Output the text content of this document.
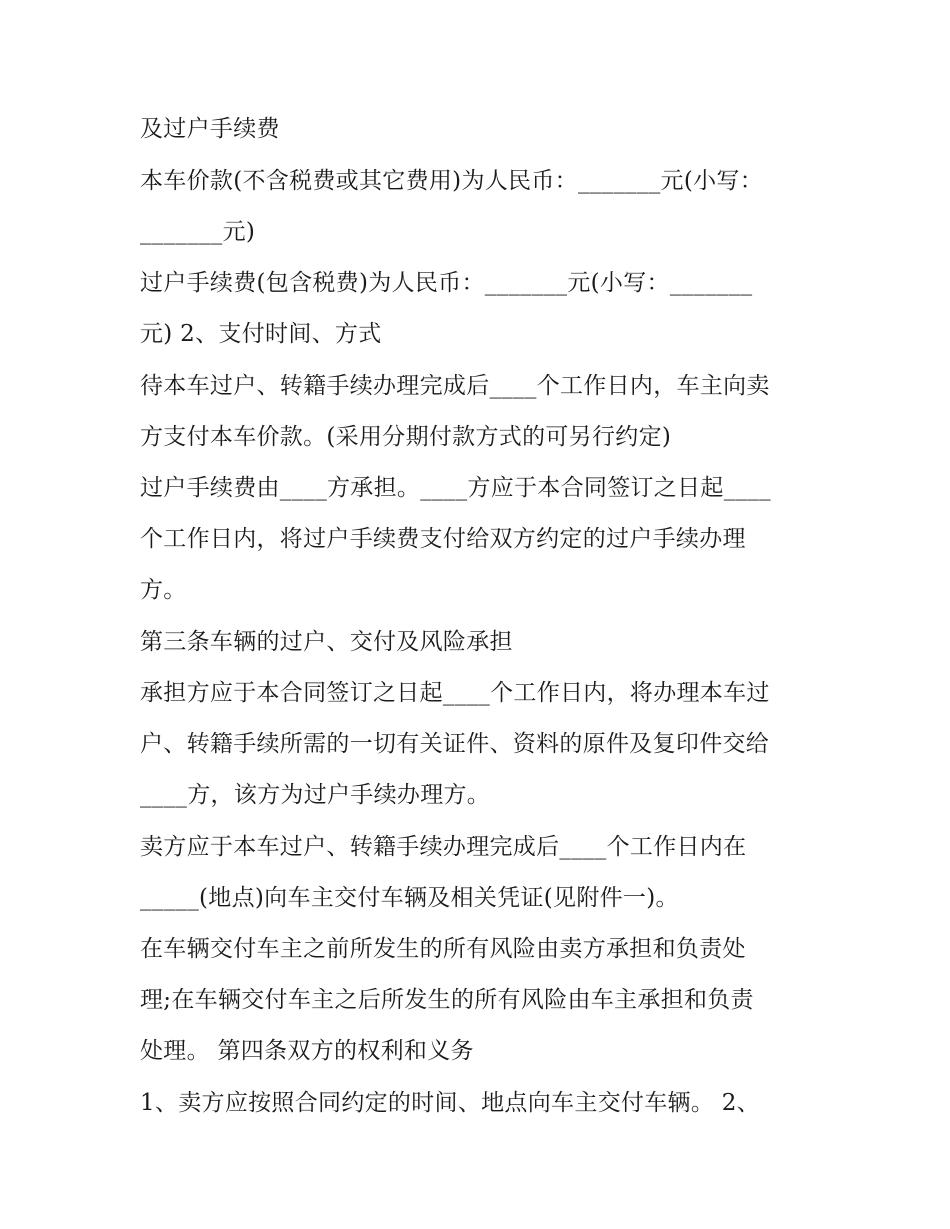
及过户手续费

本车价款(不含税费或其它费用)为人民币：_______元(小写：

_______元)

过户手续费(包含税费)为人民币：_______元(小写：_______

元) 2、支付时间、方式

待本车过户、转籍手续办理完成后____个工作日内，车主向卖

方支付本车价款。(采用分期付款方式的可另行约定)

过户手续费由____方承担。____方应于本合同签订之日起____

个工作日内，将过户手续费支付给双方约定的过户手续办理

方。

第三条车辆的过户、交付及风险承担

承担方应于本合同签订之日起____个工作日内，将办理本车过

户、转籍手续所需的一切有关证件、资料的原件及复印件交给

____方，该方为过户手续办理方。

卖方应于本车过户、转籍手续办理完成后____个工作日内在

_____(地点)向车主交付车辆及相关凭证(见附件一)。

在车辆交付车主之前所发生的所有风险由卖方承担和负责处

理;在车辆交付车主之后所发生的所有风险由车主承担和负责

处理。 第四条双方的权利和义务

1、卖方应按照合同约定的时间、地点向车主交付车辆。 2、
